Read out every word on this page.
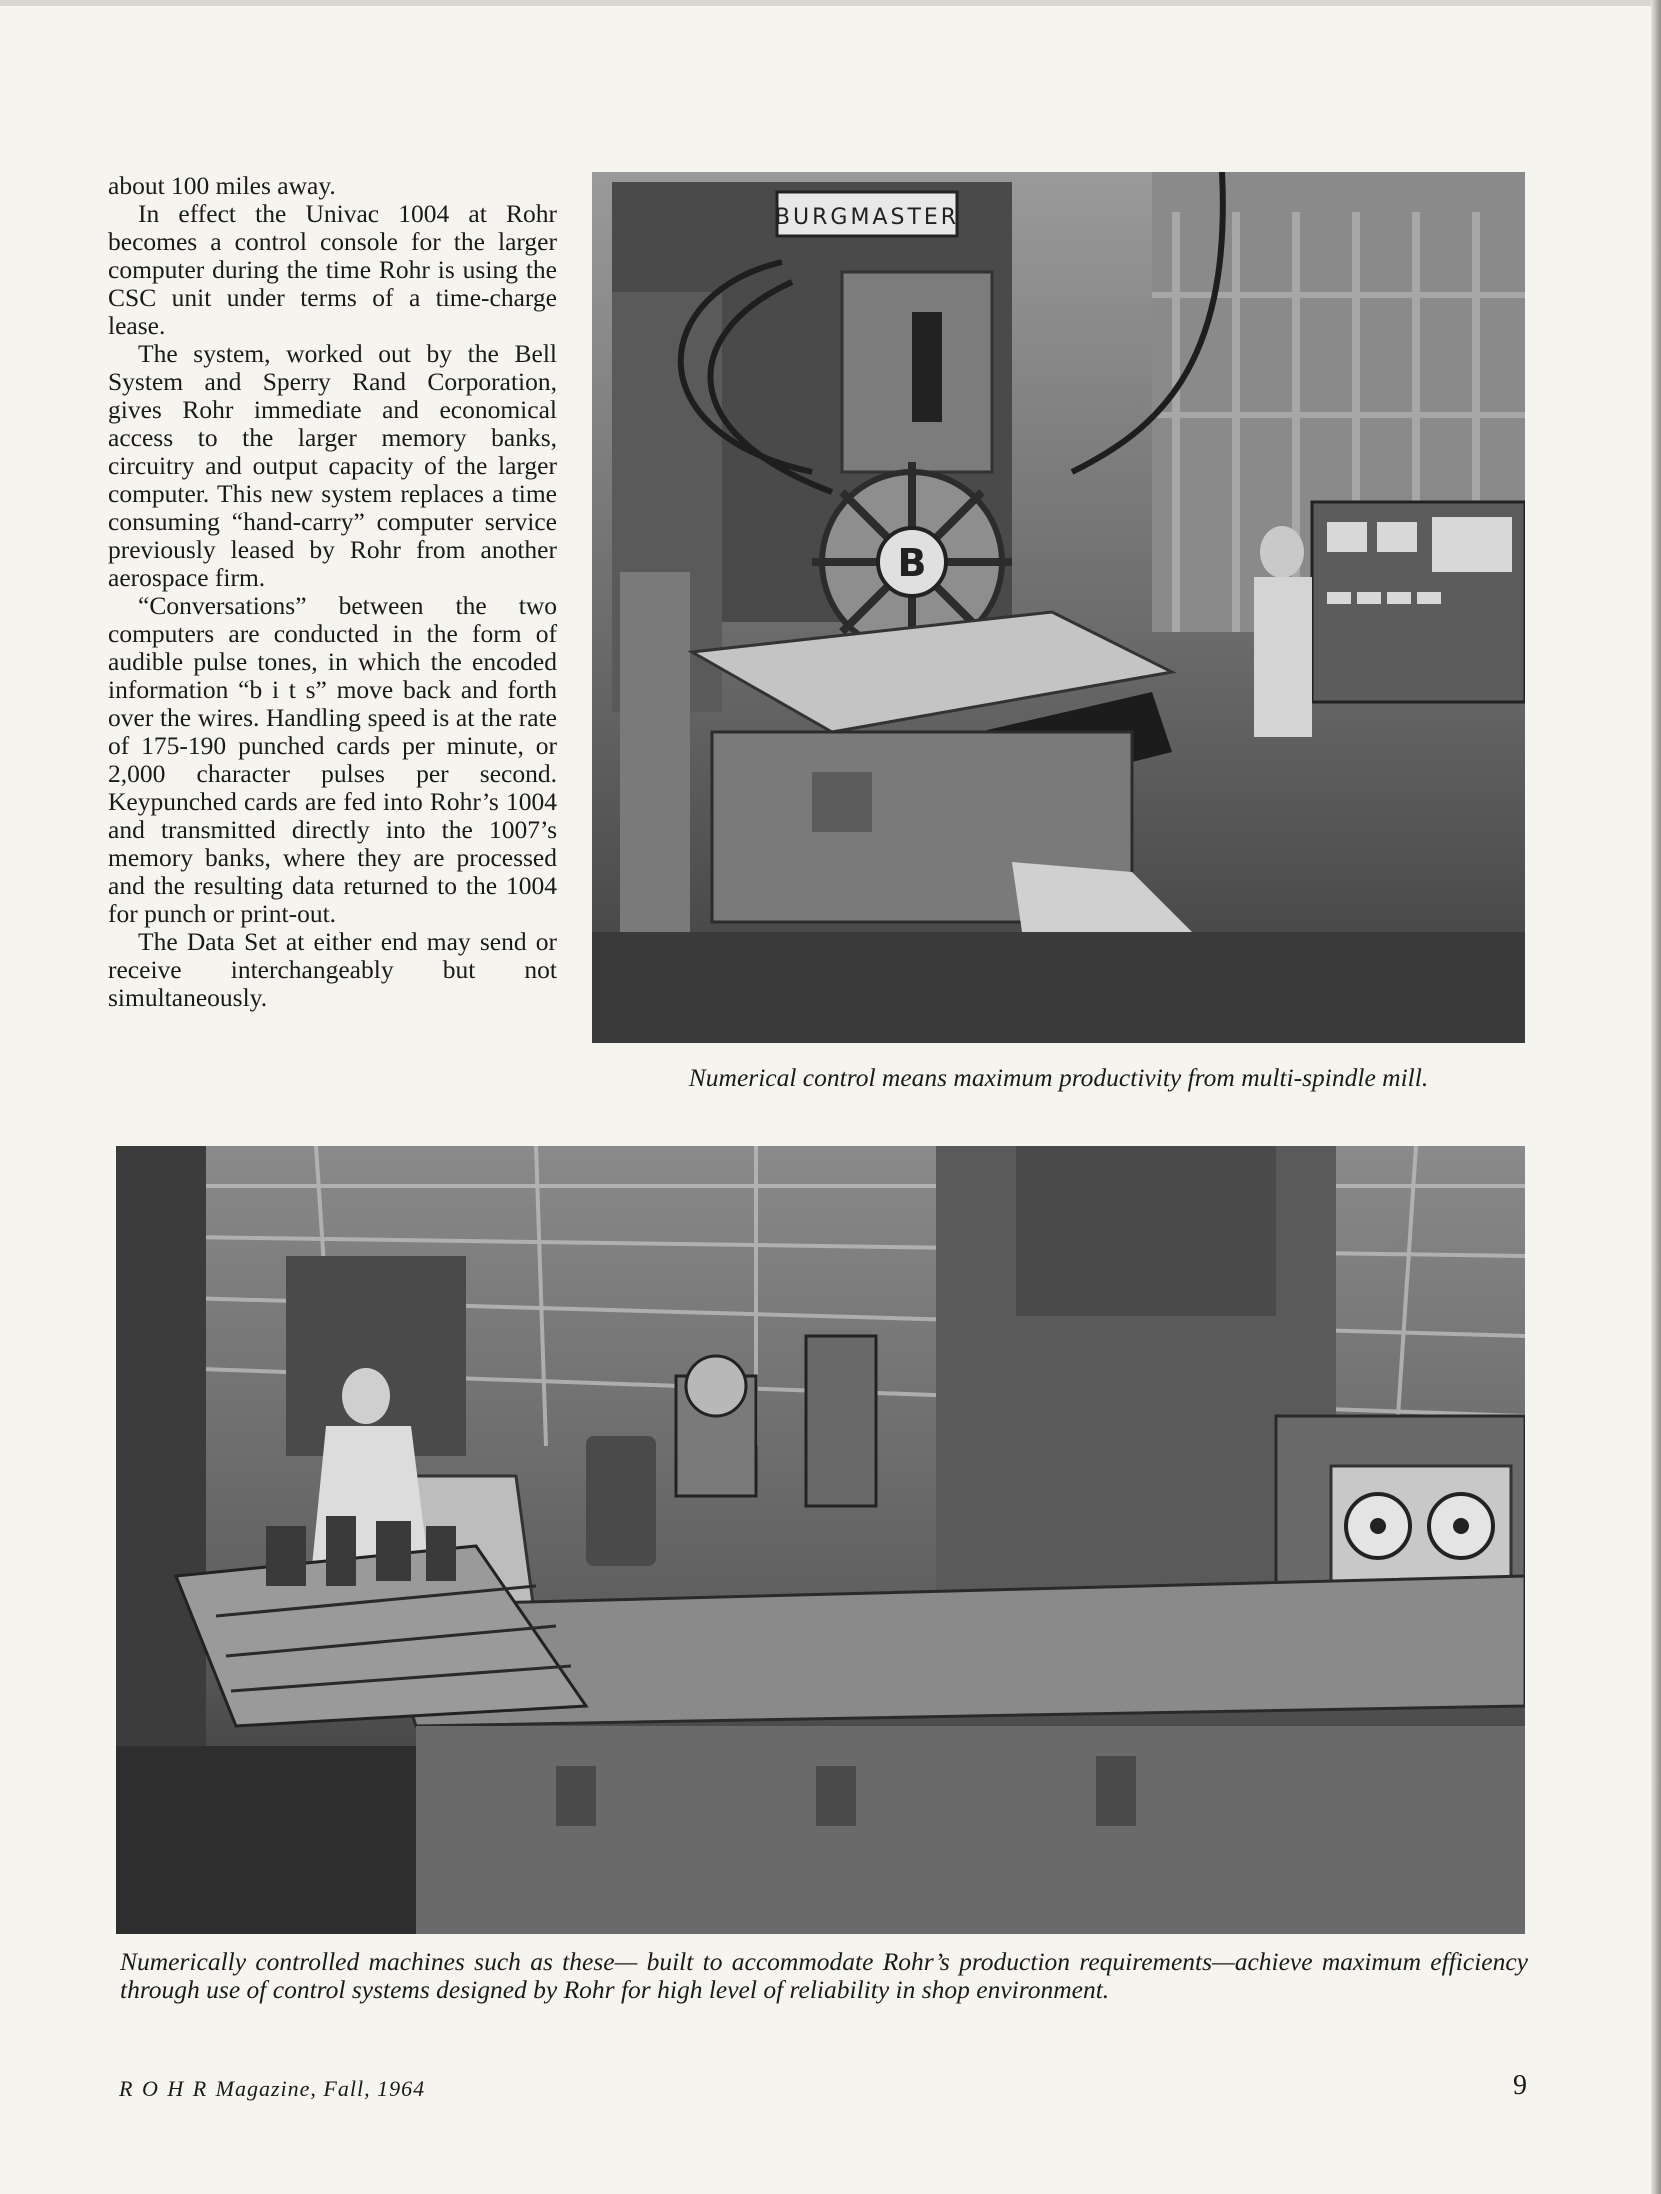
about 100 miles away.

In effect the Univac 1004 at Rohr becomes a control console for the larger computer during the time Rohr is using the CSC unit under terms of a time-charge lease.

The system, worked out by the Bell System and Sperry Rand Corporation, gives Rohr immediate and economical access to the larger memory banks, circuitry and output capacity of the larger computer. This new system replaces a time consuming “hand-carry” computer service previously leased by Rohr from another aerospace firm.

“Conversations” between the two computers are conducted in the form of audible pulse tones, in which the encoded information “b i t s” move back and forth over the wires. Handling speed is at the rate of 175-190 punched cards per minute, or 2,000 character pulses per second. Keypunched cards are fed into Rohr’s 1004 and transmitted directly into the 1007’s memory banks, where they are processed and the resulting data returned to the 1004 for punch or print-out.

The Data Set at either end may send or receive interchangeably but not simultaneously.

BURGMASTER
B
Numerical control means maximum productivity from multi-spindle mill.
Numerically controlled machines such as these— built to accommodate Rohr’s production requirements—achieve maximum efficiency through use of control systems designed by Rohr for high level of reliability in shop environment.
R O H R Magazine, Fall, 1964	9
